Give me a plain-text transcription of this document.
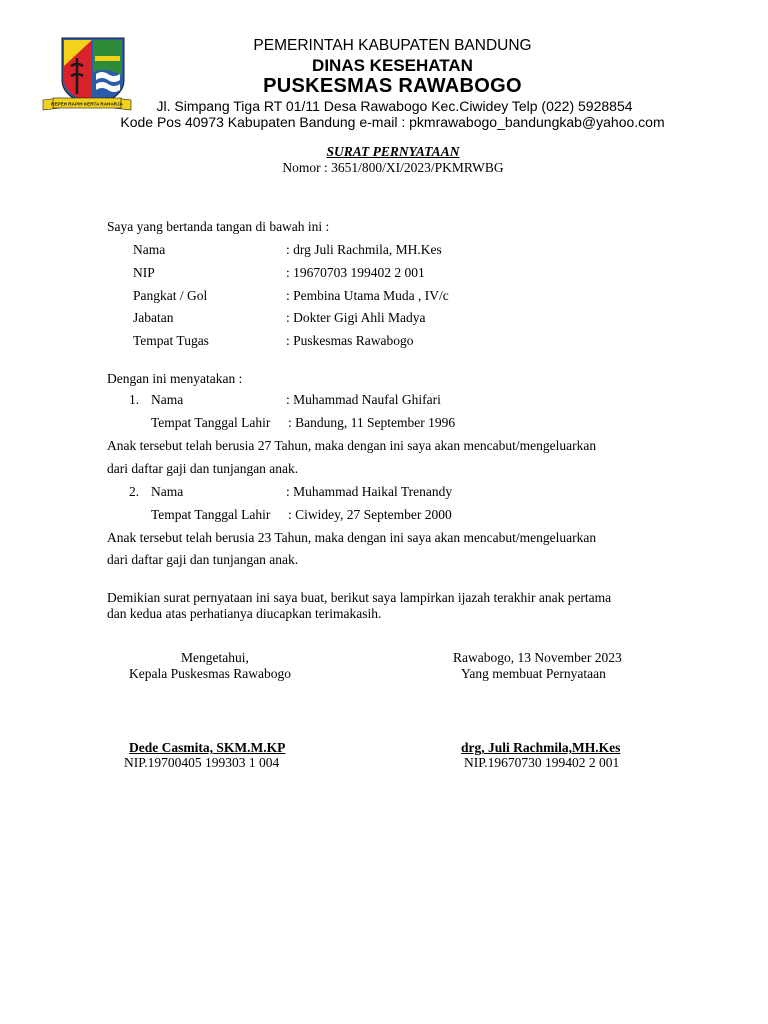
REPEH RAPIH KERTA RAHARJA
PEMERINTAH KABUPATEN BANDUNG
DINAS KESEHATAN
PUSKESMAS RAWABOGO
Jl. Simpang Tiga RT 01/11 Desa Rawabogo Kec.Ciwidey Telp (022) 5928854
Kode Pos 40973 Kabupaten Bandung e-mail : pkmrawabogo_bandungkab@yahoo.com
SURAT PERNYATAAN
Nomor : 3651/800/XI/2023/PKMRWBG
Saya yang bertanda tangan di bawah ini :
Nama	: drg Juli Rachmila, MH.Kes
NIP	: 19670703 199402 2 001
Pangkat / Gol	: Pembina Utama Muda , IV/c
Jabatan	: Dokter Gigi Ahli Madya
Tempat Tugas	: Puskesmas Rawabogo
Dengan ini menyatakan :
1. Nama	: Muhammad Naufal Ghifari
Tempat Tanggal Lahir : Bandung, 11 September 1996
Anak tersebut telah berusia 27 Tahun, maka dengan ini saya akan mencabut/mengeluarkan
dari daftar gaji dan tunjangan anak.
2. Nama	: Muhammad Haikal Trenandy
Tempat Tanggal Lahir : Ciwidey, 27 September 2000
Anak tersebut telah berusia 23 Tahun, maka dengan ini saya akan mencabut/mengeluarkan
dari daftar gaji dan tunjangan anak.
Demikian surat pernyataan ini saya buat, berikut saya lampirkan ijazah terakhir anak pertama
dan kedua atas perhatianya diucapkan terimakasih.
Mengetahui,
Kepala Puskesmas Rawabogo
Rawabogo, 13 November 2023
Yang membuat Pernyataan
Dede Casmita, SKM.M.KP
NIP.19700405 199303 1 004
drg, Juli Rachmila,MH.Kes
NIP.19670730 199402 2 001
